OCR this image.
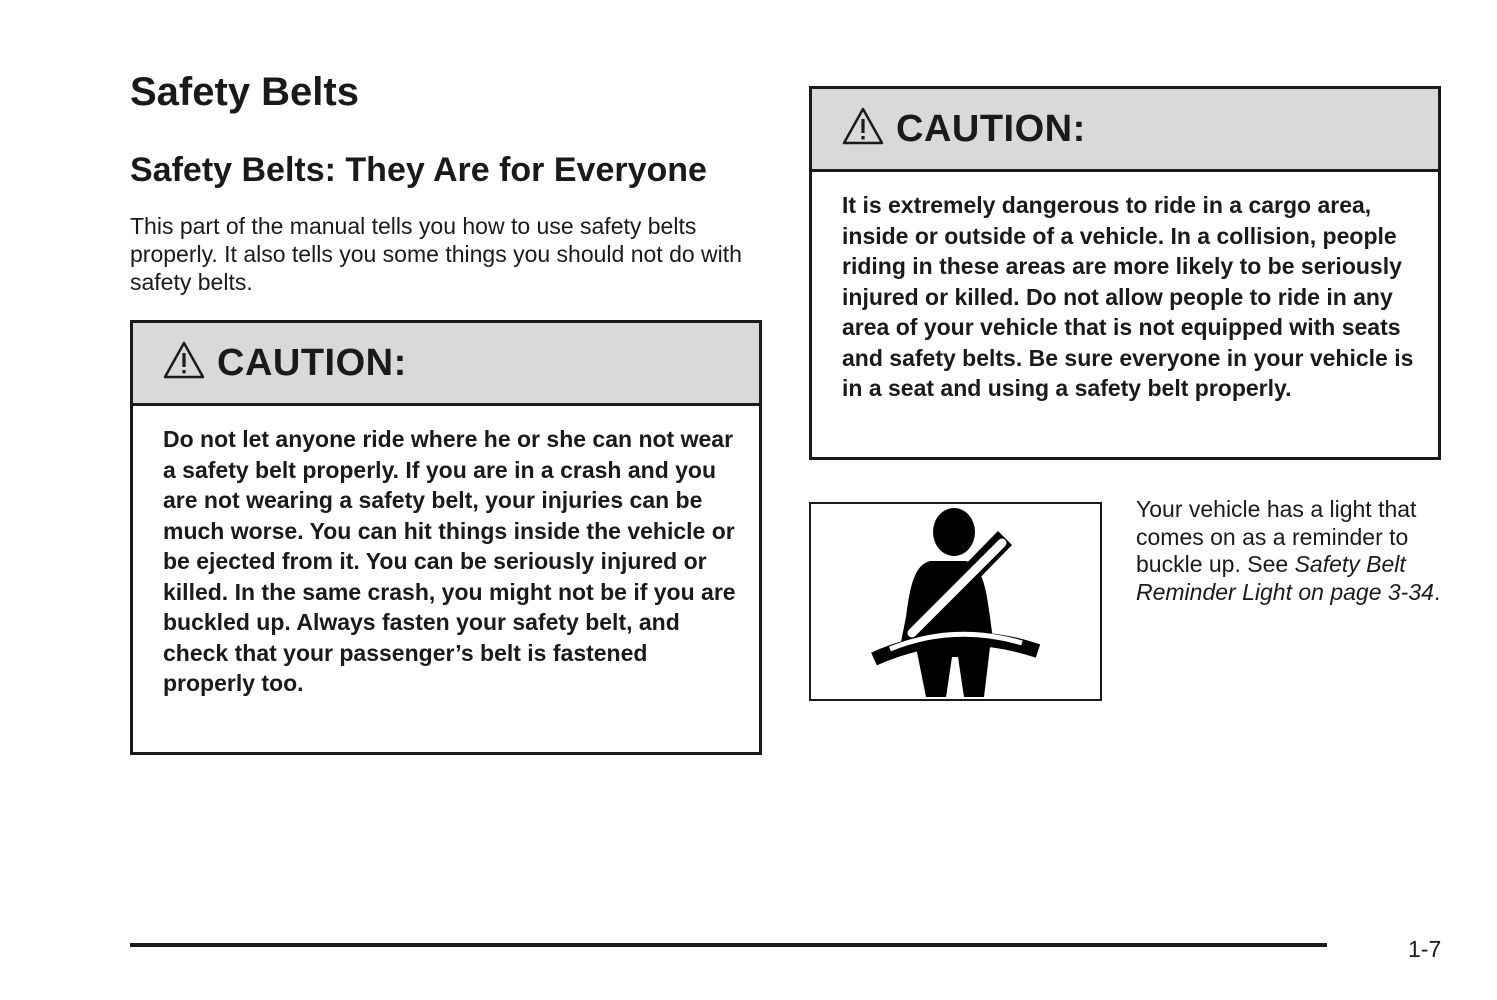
Safety Belts
Safety Belts: They Are for Everyone

This part of the manual tells you how to use safety belts properly. It also tells you some things you should not do with safety belts.

CAUTION:

Do not let anyone ride where he or she can not wear a safety belt properly. If you are in a crash and you are not wearing a safety belt, your injuries can be much worse. You can hit things inside the vehicle or be ejected from it. You can be seriously injured or killed. In the same crash, you might not be if you are buckled up. Always fasten your safety belt, and check that your passenger’s belt is fastened properly too.

CAUTION:

It is extremely dangerous to ride in a cargo area, inside or outside of a vehicle. In a collision, people riding in these areas are more likely to be seriously injured or killed. Do not allow people to ride in any area of your vehicle that is not equipped with seats and safety belts. Be sure everyone in your vehicle is in a seat and using a safety belt properly.

Your vehicle has a light that comes on as a reminder to buckle up. See Safety Belt Reminder Light on page 3-34.

1-7
